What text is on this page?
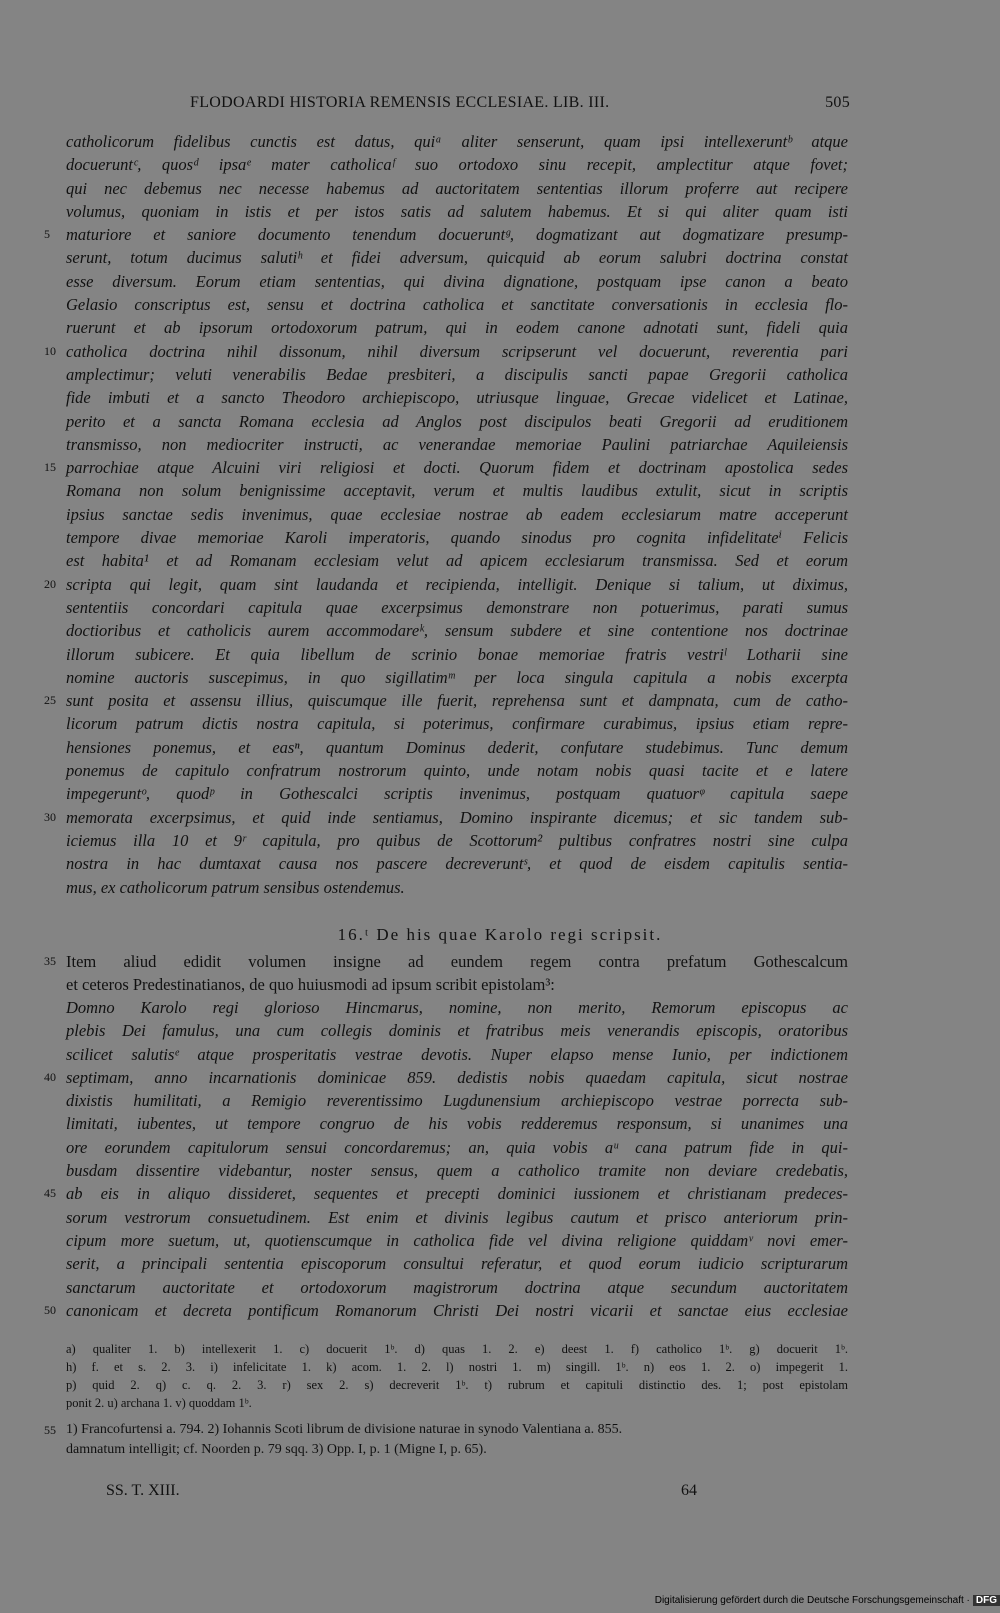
FLODOARDI HISTORIA REMENSIS ECCLESIAE. LIB. III.	505
catholicorum fidelibus cunctis est datus, quiᵃ aliter senserunt, quam ipsi intellexeruntᵇ atque
docueruntᶜ, quosᵈ ipsaᵉ mater catholicaᶠ suo ortodoxo sinu recepit, amplectitur atque fovet;
qui nec debemus nec necesse habemus ad auctoritatem sententias illorum proferre aut recipere
volumus, quoniam in istis et per istos satis ad salutem habemus. Et si qui aliter quam isti
5 maturiore et saniore documento tenendum docueruntᵍ, dogmatizant aut dogmatizare presump-
serunt, totum ducimus salutiʰ et fidei adversum, quicquid ab eorum salubri doctrina constat
esse diversum. Eorum etiam sententias, qui divina dignatione, postquam ipse canon a beato
Gelasio conscriptus est, sensu et doctrina catholica et sanctitate conversationis in ecclesia flo-
ruerunt et ab ipsorum ortodoxorum patrum, qui in eodem canone adnotati sunt, fideli quia
10 catholica doctrina nihil dissonum, nihil diversum scripserunt vel docuerunt, reverentia pari
amplectimur; veluti venerabilis Bedae presbiteri, a discipulis sancti papae Gregorii catholica
fide imbuti et a sancto Theodoro archiepiscopo, utriusque linguae, Grecae videlicet et Latinae,
perito et a sancta Romana ecclesia ad Anglos post discipulos beati Gregorii ad eruditionem
transmisso, non mediocriter instructi, ac venerandae memoriae Paulini patriarchae Aquileiensis
15 parrochiae atque Alcuini viri religiosi et docti. Quorum fidem et doctrinam apostolica sedes
Romana non solum benignissime acceptavit, verum et multis laudibus extulit, sicut in scriptis
ipsius sanctae sedis invenimus, quae ecclesiae nostrae ab eadem ecclesiarum matre acceperunt
tempore divae memoriae Karoli imperatoris, quando sinodus pro cognita infidelitateⁱ Felicis
est habita¹ et ad Romanam ecclesiam velut ad apicem ecclesiarum transmissa. Sed et eorum
20 scripta qui legit, quam sint laudanda et recipienda, intelligit. Denique si talium, ut diximus,
sententiis concordari capitula quae excerpsimus demonstrare non potuerimus, parati sumus
doctioribus et catholicis aurem accommodareᵏ, sensum subdere et sine contentione nos doctrinae
illorum subicere. Et quia libellum de scrinio bonae memoriae fratris vestriˡ Lotharii sine
nomine auctoris suscepimus, in quo sigillatimᵐ per loca singula capitula a nobis excerpta
25 sunt posita et assensu illius, quiscumque ille fuerit, reprehensa sunt et dampnata, cum de catho-
licorum patrum dictis nostra capitula, si poterimus, confirmare curabimus, ipsius etiam repre-
hensiones ponemus, et easⁿ, quantum Dominus dederit, confutare studebimus. Tunc demum
ponemus de capitulo confratrum nostrorum quinto, unde notam nobis quasi tacite et e latere
impegeruntᵒ, quodᵖ in Gothescalci scriptis invenimus, postquam quatuorᵠ capitula saepe
30 memorata excerpsimus, et quid inde sentiamus, Domino inspirante dicemus; et sic tandem sub-
iciemus illa 10 et 9ʳ capitula, pro quibus de Scottorum² pultibus confratres nostri sine culpa
nostra in hac dumtaxat causa nos pascere decreveruntˢ, et quod de eisdem capitulis sentia-
mus, ex catholicorum patrum sensibus ostendemus.
16.ᵗ De his quae Karolo regi scripsit.
35 Item aliud edidit volumen insigne ad eundem regem contra prefatum Gothescalcum
et ceteros Predestinatianos, de quo huiusmodi ad ipsum scribit epistolam³:
Domno Karolo regi glorioso Hincmarus, nomine, non merito, Remorum episcopus ac
plebis Dei famulus, una cum collegis dominis et fratribus meis venerandis episcopis, oratoribus
scilicet salutisᵉ atque prosperitatis vestrae devotis. Nuper elapso mense Iunio, per indictionem
40 septimam, anno incarnationis dominicae 859. dedistis nobis quaedam capitula, sicut nostrae
dixistis humilitati, a Remigio reverentissimo Lugdunensium archiepiscopo vestrae porrecta sub-
limitati, iubentes, ut tempore congruo de his vobis redderemus responsum, si unanimes una
ore eorundem capitulorum sensui concordaremus; an, quia vobis aᵘ cana patrum fide in qui-
busdam dissentire videbantur, noster sensus, quem a catholico tramite non deviare credebatis,
45 ab eis in aliquo dissideret, sequentes et precepti dominici iussionem et christianam predeces-
sorum vestrorum consuetudinem. Est enim et divinis legibus cautum et prisco anteriorum prin-
cipum more suetum, ut, quotienscumque in catholica fide vel divina religione quiddamᵛ novi emer-
serit, a principali sententia episcoporum consultui referatur, et quod eorum iudicio scripturarum
sanctarum auctoritate et ortodoxorum magistrorum doctrina atque secundum auctoritatem
50 canonicam et decreta pontificum Romanorum Christi Dei nostri vicarii et sanctae eius ecclesiae
a) qualiter 1. b) intellexerit 1. c) docuerit 1ᵇ. d) quas 1. 2. e) deest 1. f) catholico 1ᵇ. g) docuerit 1ᵇ.
h) f. et s. 2. 3. i) infelicitate 1. k) acom. 1. 2. l) nostri 1. m) singill. 1ᵇ. n) eos 1. 2. o) impegerit 1.
p) quid 2. q) c. q. 2. 3. r) sex 2. s) decreverit 1ᵇ. t) rubrum et capituli distinctio des. 1; post epistolam
ponit 2. u) archana 1. v) quoddam 1ᵇ.
55 1) Francofurtensi a. 794. 2) Iohannis Scoti librum de divisione naturae in synodo Valentiana a. 855.
damnatum intelligit; cf. Noorden p. 79 sqq. 3) Opp. I, p. 1 (Migne I, p. 65).
SS. T. XIII.	64
Digitalisierung gefördert durch die Deutsche Forschungsgemeinschaft · DFG
